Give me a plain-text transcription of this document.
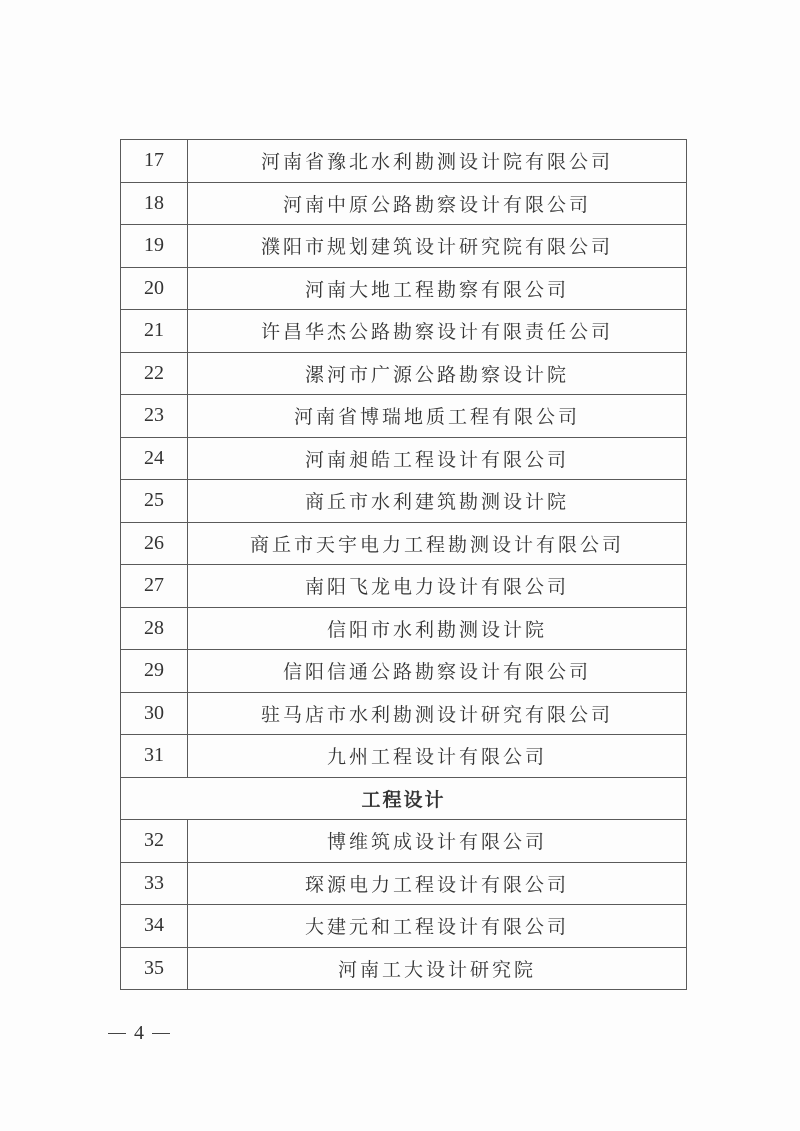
17	河南省豫北水利勘测设计院有限公司
18	河南中原公路勘察设计有限公司
19	濮阳市规划建筑设计研究院有限公司
20	河南大地工程勘察有限公司
21	许昌华杰公路勘察设计有限责任公司
22	漯河市广源公路勘察设计院
23	河南省博瑞地质工程有限公司
24	河南昶皓工程设计有限公司
25	商丘市水利建筑勘测设计院
26	商丘市天宇电力工程勘测设计有限公司
27	南阳飞龙电力设计有限公司
28	信阳市水利勘测设计院
29	信阳信通公路勘察设计有限公司
30	驻马店市水利勘测设计研究有限公司
31	九州工程设计有限公司
工程设计	
32	博维筑成设计有限公司
33	琛源电力工程设计有限公司
34	大建元和工程设计有限公司
35	河南工大设计研究院
4
